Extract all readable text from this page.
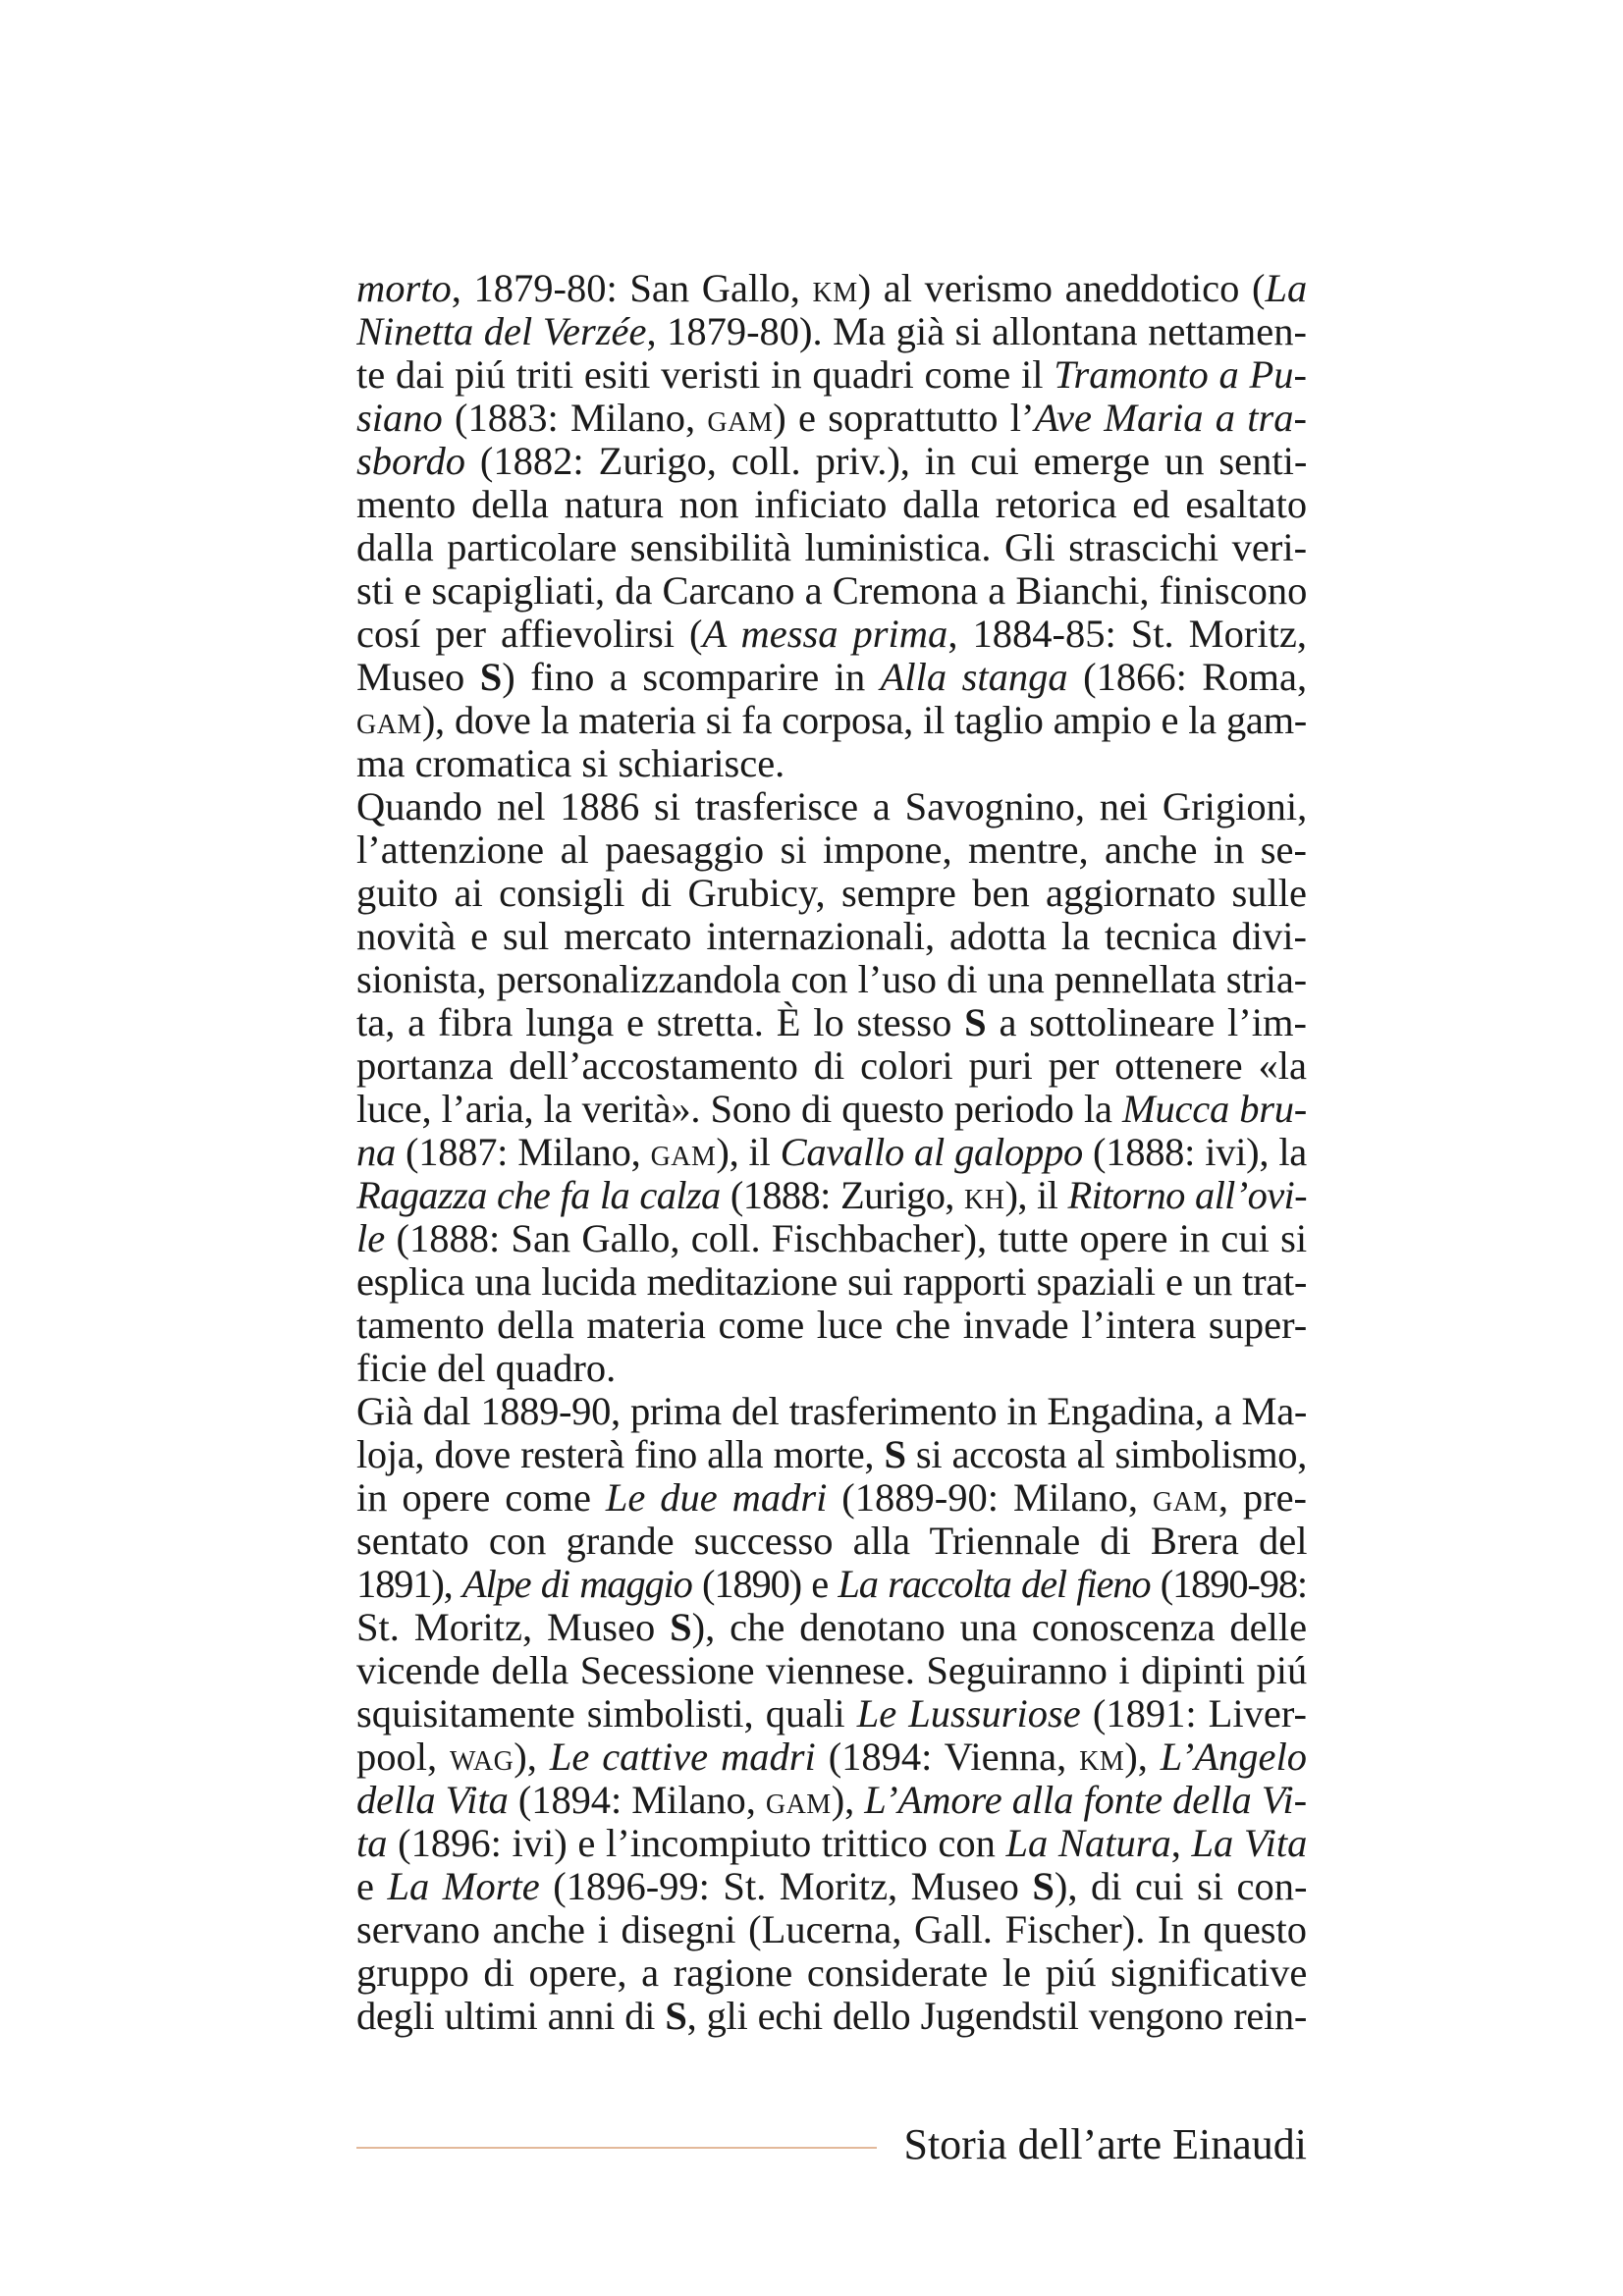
morto, 1879-80: San Gallo, km) al verismo aneddotico (La
Ninetta del Verzée, 1879-80). Ma già si allontana nettamen-
te dai piú triti esiti veristi in quadri come il Tramonto a Pu-
siano (1883: Milano, gam) e soprattutto l’Ave Maria a tra-
sbordo (1882: Zurigo, coll. priv.), in cui emerge un senti-
mento della natura non inficiato dalla retorica ed esaltato
dalla particolare sensibilità luministica. Gli strascichi veri-
sti e scapigliati, da Carcano a Cremona a Bianchi, finiscono
cosí per affievolirsi (A messa prima, 1884-85: St. Moritz,
Museo S) fino a scomparire in Alla stanga (1866: Roma,
gam), dove la materia si fa corposa, il taglio ampio e la gam-
ma cromatica si schiarisce.
Quando nel 1886 si trasferisce a Savognino, nei Grigioni,
l’attenzione al paesaggio si impone, mentre, anche in se-
guito ai consigli di Grubicy, sempre ben aggiornato sulle
novità e sul mercato internazionali, adotta la tecnica divi-
sionista, personalizzandola con l’uso di una pennellata stria-
ta, a fibra lunga e stretta. È lo stesso S a sottolineare l’im-
portanza dell’accostamento di colori puri per ottenere «la
luce, l’aria, la verità». Sono di questo periodo la Mucca bru-
na (1887: Milano, gam), il Cavallo al galoppo (1888: ivi), la
Ragazza che fa la calza (1888: Zurigo, kh), il Ritorno all’ovi-
le (1888: San Gallo, coll. Fischbacher), tutte opere in cui si
esplica una lucida meditazione sui rapporti spaziali e un trat-
tamento della materia come luce che invade l’intera super-
ficie del quadro.
Già dal 1889-90, prima del trasferimento in Engadina, a Ma-
loja, dove resterà fino alla morte, S si accosta al simbolismo,
in opere come Le due madri (1889-90: Milano, gam, pre-
sentato con grande successo alla Triennale di Brera del
1891), Alpe di maggio (1890) e La raccolta del fieno (1890-98:
St. Moritz, Museo S), che denotano una conoscenza delle
vicende della Secessione viennese. Seguiranno i dipinti piú
squisitamente simbolisti, quali Le Lussuriose (1891: Liver-
pool, wag), Le cattive madri (1894: Vienna, km), L’Angelo
della Vita (1894: Milano, gam), L’Amore alla fonte della Vi-
ta (1896: ivi) e l’incompiuto trittico con La Natura, La Vita
e La Morte (1896-99: St. Moritz, Museo S), di cui si con-
servano anche i disegni (Lucerna, Gall. Fischer). In questo
gruppo di opere, a ragione considerate le piú significative
degli ultimi anni di S, gli echi dello Jugendstil vengono rein-
Storia dell’arte Einaudi
